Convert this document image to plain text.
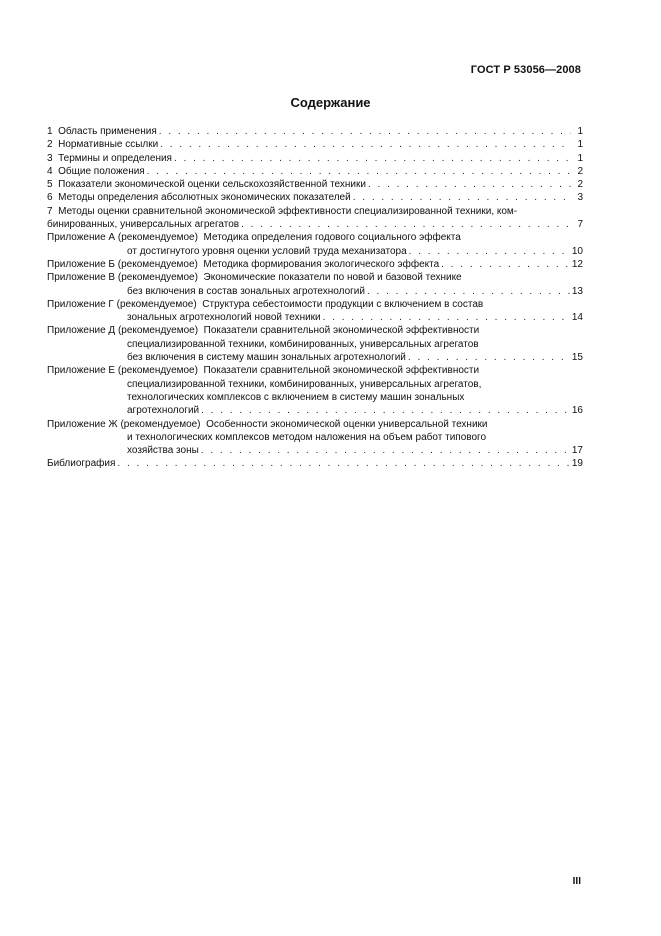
ГОСТ Р 53056—2008
Содержание
1 Область применения . . .	1
2 Нормативные ссылки . . .	1
3 Термины и определения . . .	1
4 Общие положения . . .	2
5 Показатели экономической оценки сельскохозяйственной техники . . .	2
6 Методы определения абсолютных экономических показателей . . .	3
7 Методы оценки сравнительной экономической эффективности специализированной техники, ком-
бинированных, универсальных агрегатов . . .	7
Приложение А (рекомендуемое) Методика определения годового социального эффекта
от достигнутого уровня оценки условий труда механизатора . . .	10
Приложение Б (рекомендуемое) Методика формирования экологического эффекта . . .	12
Приложение В (рекомендуемое) Экономические показатели по новой и базовой технике
без включения в состав зональных агротехнологий . . .	13
Приложение Г (рекомендуемое) Структура себестоимости продукции с включением в состав
зональных агротехнологий новой техники . . .	14
Приложение Д (рекомендуемое) Показатели сравнительной экономической эффективности
специализированной техники, комбинированных, универсальных агрегатов
без включения в систему машин зональных агротехнологий . . .	15
Приложение Е (рекомендуемое) Показатели сравнительной экономической эффективности
специализированной техники, комбинированных, универсальных агрегатов,
технологических комплексов с включением в систему машин зональных
агротехнологий . . .	16
Приложение Ж (рекомендуемое) Особенности экономической оценки универсальной техники
и технологических комплексов методом наложения на объем работ типового
хозяйства зоны . . .	17
Библиография . . .	19
III
